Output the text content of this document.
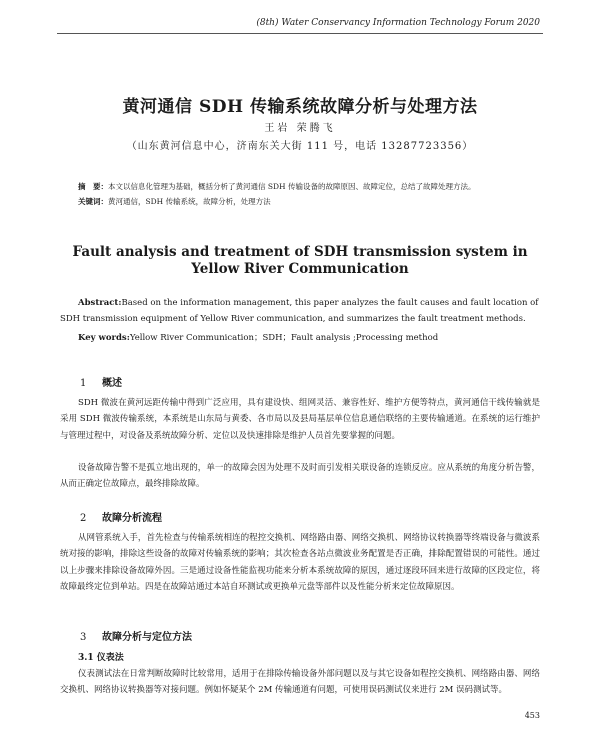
(8th) Water Conservancy Information Technology Forum 2020
黄河通信 SDH 传输系统故障分析与处理方法
王岩 荣腾飞
（山东黄河信息中心，济南东关大街 111 号，电话 13287723356）
摘　要：本文以信息化管理为基础，概括分析了黄河通信 SDH 传输设备的故障原因、故障定位，总结了故障处理方法。
关键词：黄河通信，SDH 传输系统，故障分析，处理方法
Fault analysis and treatment of SDH transmission system in Yellow River Communication
Abstract:Based on the information management, this paper analyzes the fault causes and fault location of SDH transmission equipment of Yellow River communication, and summarizes the fault treatment methods.
Key words:Yellow River Communication；SDH；Fault analysis ;Processing method
1 概述
SDH 微波在黄河远距传输中得到广泛应用，具有建设快、组网灵活、兼容性好、维护方便等特点，黄河通信干线传输就是采用 SDH 微波传输系统，本系统是山东局与黄委、各市局以及县局基层单位信息通信联络的主要传输通道。在系统的运行维护与管理过程中，对设备及系统故障分析、定位以及快速排除是维护人员首先要掌握的问题。
设备故障告警不是孤立地出现的，单一的故障会因为处理不及时而引发相关联设备的连锁反应。应从系统的角度分析告警，从而正确定位故障点，最终排除故障。
2 故障分析流程
从网管系统入手，首先检查与传输系统相连的程控交换机、网络路由器、网络交换机、网络协议转换器等终端设备与微波系统对接的影响，排除这些设备的故障对传输系统的影响；其次检查各站点微波业务配置是否正确，排除配置错误的可能性。通过以上步骤来排除设备故障外因。三是通过设备性能监视功能来分析本系统故障的原因，通过逐段环回来进行故障的区段定位，将故障最终定位到单站。四是在故障站通过本站自环测试或更换单元盘等部件以及性能分析来定位故障原因。
3 故障分析与定位方法
3.1 仪表法
仪表测试法在日常判断故障时比较常用，适用于在排除传输设备外部问题以及与其它设备如程控交换机、网络路由器、网络交换机、网络协议转换器等对接问题。例如怀疑某个 2M 传输通道有问题，可使用误码测试仪来进行 2M 误码测试等。
453
